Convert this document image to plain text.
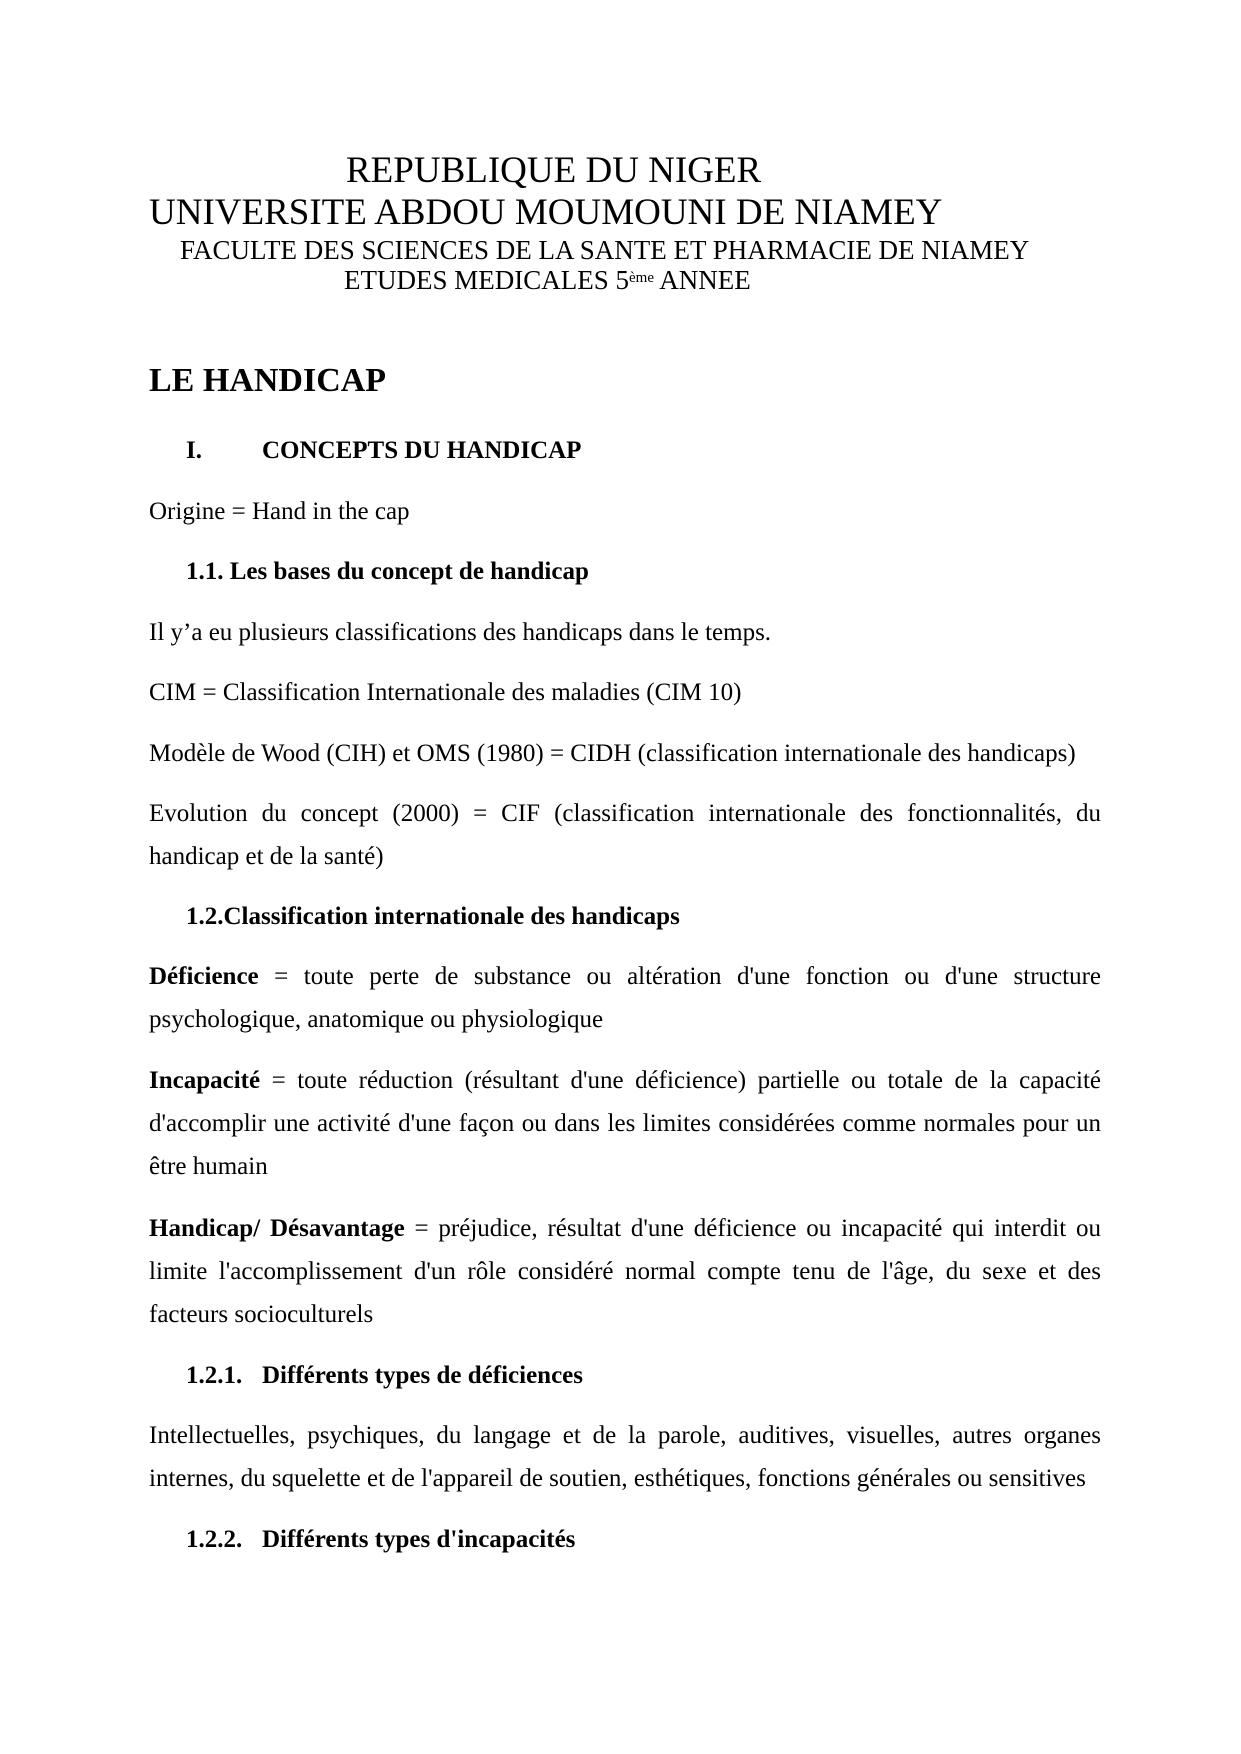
REPUBLIQUE DU NIGER
UNIVERSITE ABDOU MOUMOUNI DE NIAMEY
FACULTE DES SCIENCES DE LA SANTE ET PHARMACIE DE NIAMEY
ETUDES MEDICALES 5ème ANNEE
LE HANDICAP
I. CONCEPTS DU HANDICAP
Origine = Hand in the cap
1.1. Les bases du concept de handicap
Il y’a eu plusieurs classifications des handicaps dans le temps.
CIM = Classification Internationale des maladies (CIM 10)
Modèle de Wood (CIH) et OMS (1980) = CIDH (classification internationale des handicaps)
Evolution du concept (2000) = CIF (classification internationale des fonctionnalités, du handicap et de la santé)
1.2.Classification internationale des handicaps
Déficience = toute perte de substance ou altération d'une fonction ou d'une structure psychologique, anatomique ou physiologique
Incapacité = toute réduction (résultant d'une déficience) partielle ou totale de la capacité d'accomplir une activité d'une façon ou dans les limites considérées comme normales pour un être humain
Handicap/ Désavantage = préjudice, résultat d'une déficience ou incapacité qui interdit ou limite l'accomplissement d'un rôle considéré normal compte tenu de l'âge, du sexe et des facteurs socioculturels
1.2.1. Différents types de déficiences
Intellectuelles, psychiques, du langage et de la parole, auditives, visuelles, autres organes internes, du squelette et de l'appareil de soutien, esthétiques, fonctions générales ou sensitives
1.2.2. Différents types d'incapacités
